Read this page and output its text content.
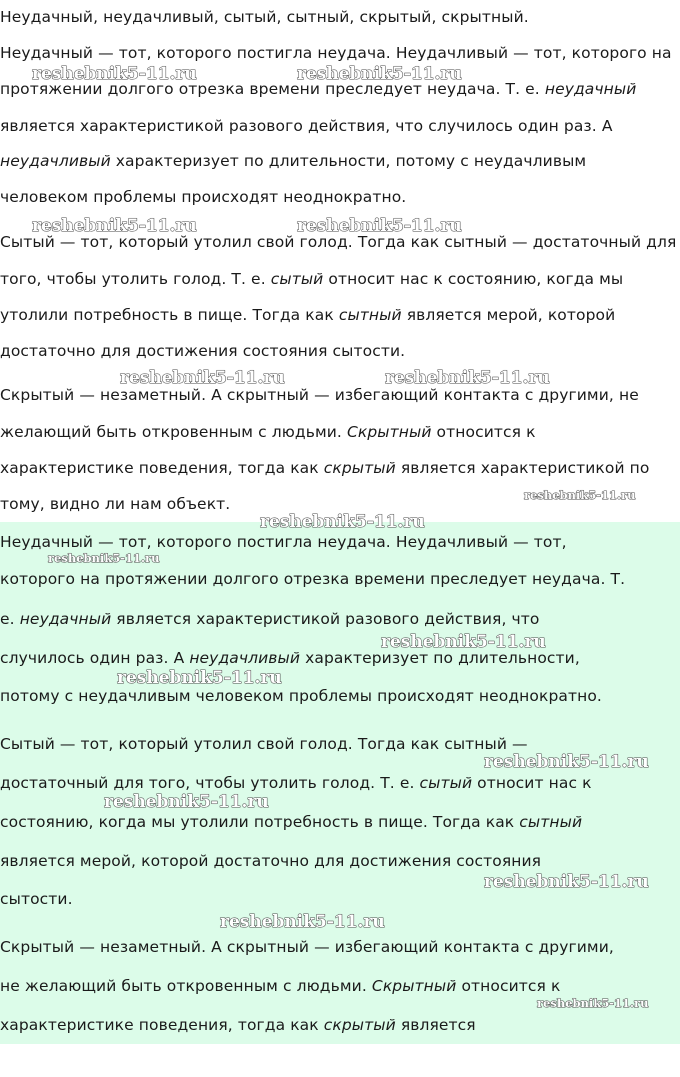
Неудачный, неудачливый, сытый, сытный, скрытый, скрытный.

Неудачный — тот, которого постигла неудача. Неудачливый — тот, которого на
протяжении долгого отрезка времени преследует неудача. Т. е. неудачный
является характеристикой разового действия, что случилось один раз. А
неудачливый характеризует по длительности, потому с неудачливым
человеком проблемы происходят неоднократно.
Сытый — тот, который утолил свой голод. Тогда как сытный — достаточный для
того, чтобы утолить голод. Т. е. сытый относит нас к состоянию, когда мы
утолили потребность в пище. Тогда как сытный является мерой, которой
достаточно для достижения состояния сытости.
Скрытый — незаметный. А скрытный — избегающий контакта с другими, не
желающий быть откровенным с людьми. Скрытный относится к
характеристике поведения, тогда как скрытый является характеристикой по
тому, видно ли нам объект.
Неудачный — тот, которого постигла неудача. Неудачливый — тот,
которого на протяжении долгого отрезка времени преследует неудача. Т.
е. неудачный является характеристикой разового действия, что
случилось один раз. А неудачливый характеризует по длительности,
потому с неудачливым человеком проблемы происходят неоднократно.
Сытый — тот, который утолил свой голод. Тогда как сытный —
достаточный для того, чтобы утолить голод. Т. е. сытый относит нас к
состоянию, когда мы утолили потребность в пище. Тогда как сытный
является мерой, которой достаточно для достижения состояния
сытости.
Скрытый — незаметный. А скрытный — избегающий контакта с другими,
не желающий быть откровенным с людьми. Скрытный относится к
характеристике поведения, тогда как скрытый является
reshebnik5-11.ru	reshebnik5-11.ru
reshebnik5-11.ru	reshebnik5-11.ru
reshebnik5-11.ru	reshebnik5-11.ru
reshebnik5-11.ru
reshebnik5-11.ru
reshebnik5-11.ru
reshebnik5-11.ru
reshebnik5-11.ru
reshebnik5-11.ru
reshebnik5-11.ru
reshebnik5-11.ru
reshebnik5-11.ru
reshebnik5-11.ru
